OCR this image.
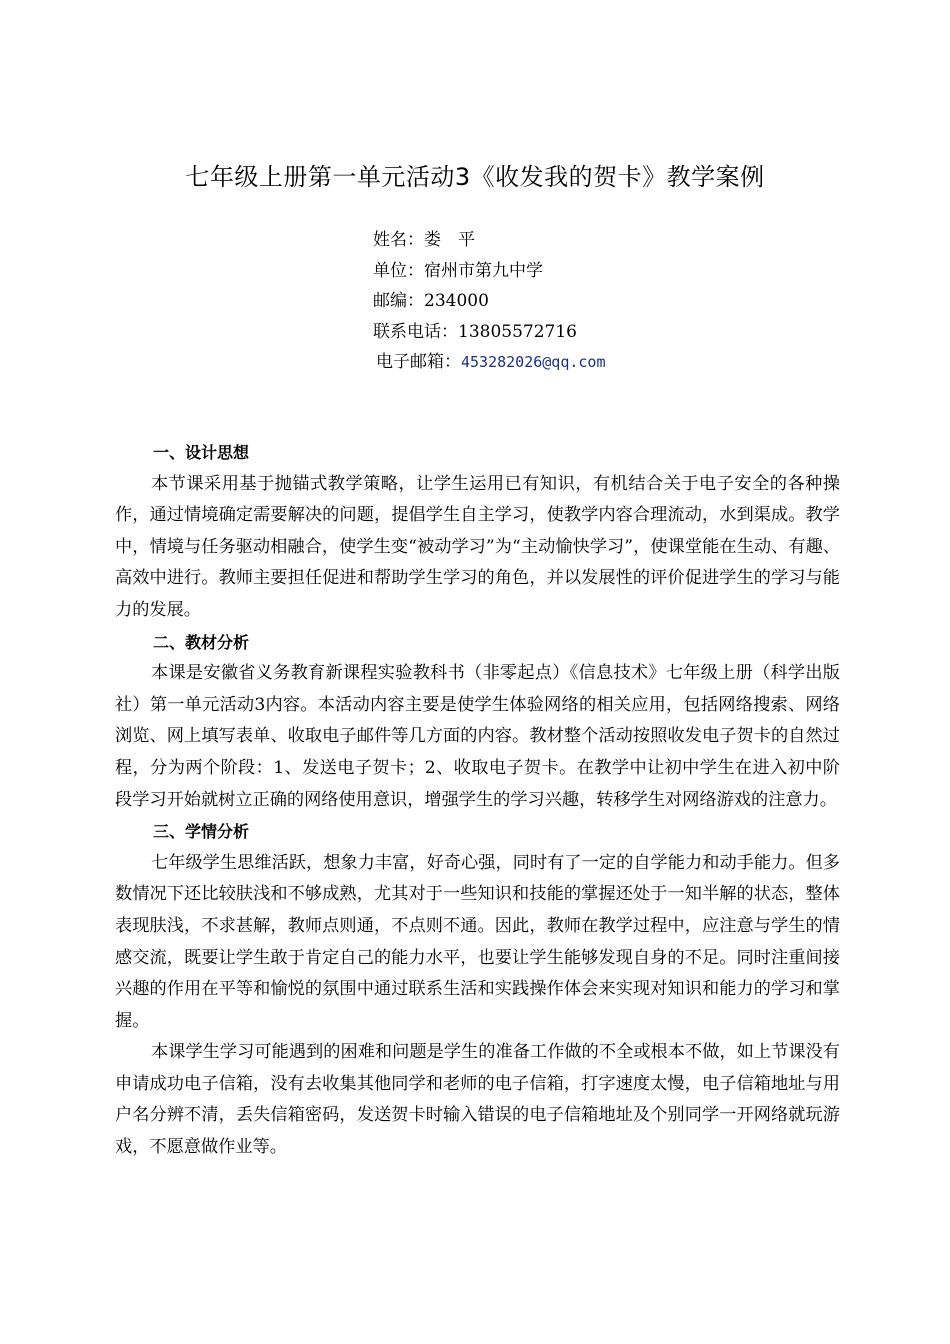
七年级上册第一单元活动3《收发我的贺卡》教学案例
姓名：娄　平
单位：宿州市第九中学
邮编：234000
联系电话：13805572716
电子邮箱：453282026@qq.com
一、设计思想

本节课采用基于抛锚式教学策略，让学生运用已有知识，有机结合关于电子安全的各种操作，通过情境确定需要解决的问题，提倡学生自主学习，使教学内容合理流动，水到渠成。教学中，情境与任务驱动相融合，使学生变“被动学习”为“主动愉快学习”，使课堂能在生动、有趣、高效中进行。教师主要担任促进和帮助学生学习的角色，并以发展性的评价促进学生的学习与能力的发展。

二、教材分析

本课是安徽省义务教育新课程实验教科书（非零起点）《信息技术》七年级上册（科学出版社）第一单元活动3内容。本活动内容主要是使学生体验网络的相关应用，包括网络搜索、网络浏览、网上填写表单、收取电子邮件等几方面的内容。教材整个活动按照收发电子贺卡的自然过程，分为两个阶段：1、发送电子贺卡；2、收取电子贺卡。在教学中让初中学生在进入初中阶段学习开始就树立正确的网络使用意识，增强学生的学习兴趣，转移学生对网络游戏的注意力。

三、学情分析

七年级学生思维活跃，想象力丰富，好奇心强，同时有了一定的自学能力和动手能力。但多数情况下还比较肤浅和不够成熟，尤其对于一些知识和技能的掌握还处于一知半解的状态，整体表现肤浅，不求甚解，教师点则通，不点则不通。因此，教师在教学过程中，应注意与学生的情感交流，既要让学生敢于肯定自己的能力水平，也要让学生能够发现自身的不足。同时注重间接兴趣的作用在平等和愉悦的氛围中通过联系生活和实践操作体会来实现对知识和能力的学习和掌握。

本课学生学习可能遇到的困难和问题是学生的准备工作做的不全或根本不做，如上节课没有申请成功电子信箱，没有去收集其他同学和老师的电子信箱，打字速度太慢，电子信箱地址与用户名分辨不清，丢失信箱密码，发送贺卡时输入错误的电子信箱地址及个别同学一开网络就玩游戏，不愿意做作业等。
